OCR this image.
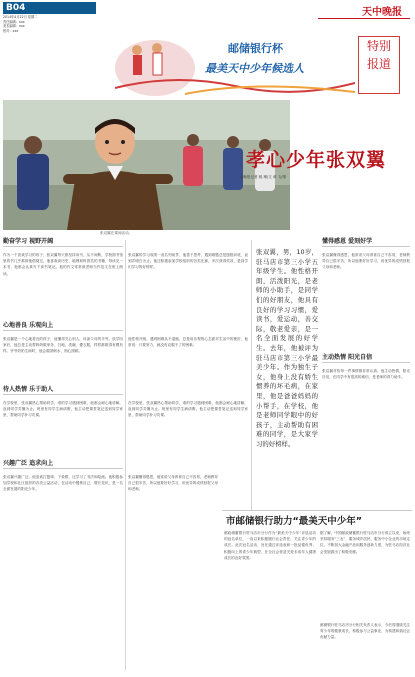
B04
2014年4月22日 星期二
责任编辑：xxx
美术编辑：xxx
校对：xxx
天中晚报
特别
报道
邮储银行杯
最美天中少年候选人
张双翼在课间活动。
孝心少年张双翼
◎晚报记者 姚 琳/文 黄 飞/图
张双翼，男，10岁，驻马店市第三小学五年级学生。他性格开朗，活泼阳光，是老师的小助手，是同学们的好朋友，他具有良好的学习习惯，爱读书，爱运动，善交际，敬老爱亲，是一名全面发展的好学生。去年，他被评为驻马店市第三小学最美少年。作为独生子女，他身上没有娇生惯养的坏毛病，在家里，他是爸爸妈妈的小帮手，在学校，他是老师同学眼中的好孩子，主动帮助有困难的同学，是大家学习的好榜样。
勤奋学习 视野开阔
作为一个喜欢学习的孩子，张双翼每天都坚持读书，从不间断，学校图书馆里的书几乎都被他借阅过。他喜欢读历史、地理和科普类的书籍，每读完一本书，他都会认真写下读书笔记。他的作文常常被老师当作范文在班上朗读。
张双翼的学习成绩一直名列前茅，他善于思考，遇到难题总是刨根问底，直到弄明白为止。他还积极参加学校组织的各类比赛，多次获得奖项，是同学们学习的好榜样。
心地善良 乐观向上
张双翼是一个心地善良的孩子，他懂得关心别人，体谅父母的辛劳。放学回家后，他总是主动帮妈妈做家务，扫地、洗碗、叠衣服，样样都做得有模有样。爷爷奶奶生病时，他会端茶倒水，细心照顾。
他性格开朗，遇到困难从不退缩，总是用乐观的心态面对生活中的挫折，他常说：只要努力，就没有克服不了的困难。
待人热情 乐于助人
在学校里，张双翼热心帮助同学，谁的学习遇到困难，他都会耐心地讲解，直到同学弄懂为止。班里有同学生病请假，他主动把课堂笔记送到同学家里，帮助同学补习功课。
在学校里，张双翼热心帮助同学，谁的学习遇到困难，他都会耐心地讲解，直到同学弄懂为止。班里有同学生病请假，他主动把课堂笔记送到同学家里，帮助同学补习功课。
兴趣广泛 追求向上
张双翼兴趣广泛，他喜欢打篮球、下象棋，还学习了书法和绘画。他积极参加学校和社区组织的各类公益活动，在活动中锻炼自己，增长见识，是一名全面发展的阳光少年。
张双翼懂得感恩，他常说父母养育自己不容易，老师教导自己很辛苦，所以他要好好学习，用优异的成绩回报父母和老师。
懂得感恩 爱刻好学
张双翼懂得感恩，他常说父母养育自己不容易，老师教导自己很辛苦，所以他要好好学习，用优异的成绩回报父母和老师。
主动热情 阳光自信
张双翼对待每一件事情都非常认真，他主动热情，阳光自信，在同学中有很高的威信，是老师的得力助手。
市邮储银行助力“最美天中少年”
邮政储蓄银行驻马店市分行作为“最美天中少年”评选活动的冠名单位，一直以来积极履行社会责任，关注青少年的成长。此次冠名活动，旨在通过评选表彰一批品德优秀、积极向上的青少年典型，在全社会营造关爱未成年人健康成长的良好氛围。
据了解，中国邮政储蓄银行驻马店市分行成立以来，始终坚持服务“三农”、服务城乡居民、服务中小企业的市场定位，不断加大金融产品和服务创新力度，为驻马店经济社会发展做出了积极贡献。
邮储银行驻马店市分行相关负责人表示，今后将继续关注青少年的健康成长，积极参与公益事业，为构建和谐社会贡献力量。
